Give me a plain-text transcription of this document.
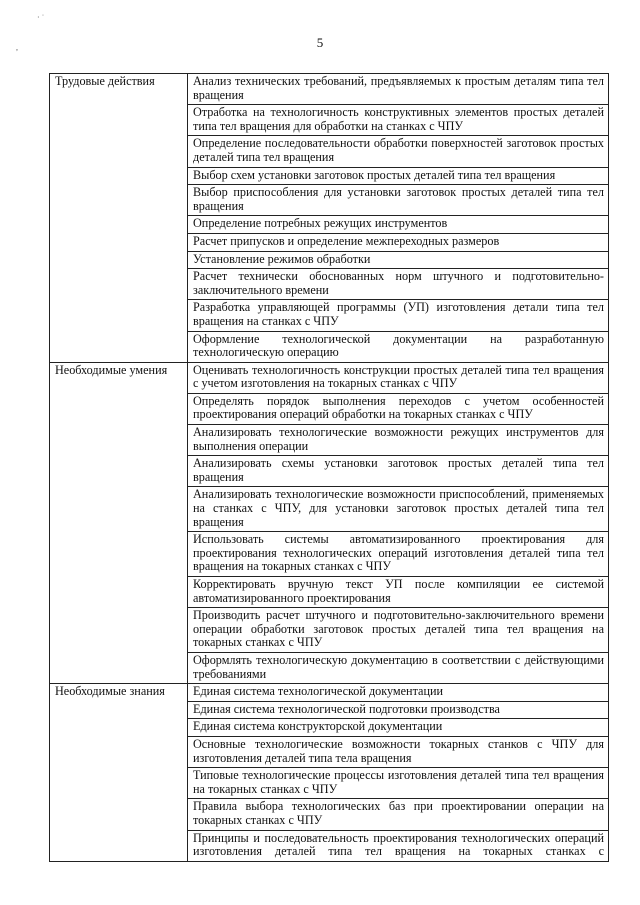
· ˙
,	5
Трудовые действия	Анализ технических требований, предъявляемых к простым деталям типа тел вращения
	Отработка на технологичность конструктивных элементов простых деталей типа тел вращения для обработки на станках с ЧПУ
	Определение последовательности обработки поверхностей заготовок простых деталей типа тел вращения
	Выбор схем установки заготовок простых деталей типа тел вращения
	Выбор приспособления для установки заготовок простых деталей типа тел вращения
	Определение потребных режущих инструментов
	Расчет припусков и определение межпереходных размеров
	Установление режимов обработки
	Расчет технически обоснованных норм штучного и подготовительно-заключительного времени
	Разработка управляющей программы (УП) изготовления детали типа тел вращения на станках с ЧПУ
	Оформление технологической документации на разработанную технологическую операцию
Необходимые умения	Оценивать технологичность конструкции простых деталей типа тел вращения с учетом изготовления на токарных станках с ЧПУ
	Определять порядок выполнения переходов с учетом особенностей проектирования операций обработки на токарных станках с ЧПУ
	Анализировать технологические возможности режущих инструментов для выполнения операции
	Анализировать схемы установки заготовок простых деталей типа тел вращения
	Анализировать технологические возможности приспособлений, применяемых на станках с ЧПУ, для установки заготовок простых деталей типа тел вращения
	Использовать системы автоматизированного проектирования для проектирования технологических операций изготовления деталей типа тел вращения на токарных станках с ЧПУ
	Корректировать вручную текст УП после компиляции ее системой автоматизированного проектирования
	Производить расчет штучного и подготовительно-заключительного времени операции обработки заготовок простых деталей типа тел вращения на токарных станках с ЧПУ
	Оформлять технологическую документацию в соответствии с действующими требованиями
Необходимые знания	Единая система технологической документации
	Единая система технологической подготовки производства
	Единая система конструкторской документации
	Основные технологические возможности токарных станков с ЧПУ для изготовления деталей типа тела вращения
	Типовые технологические процессы изготовления деталей типа тел вращения на токарных станках с ЧПУ
	Правила выбора технологических баз при проектировании операции на токарных станках с ЧПУ
	Принципы и последовательность проектирования технологических операций изготовления деталей типа тел вращения на токарных станках с
